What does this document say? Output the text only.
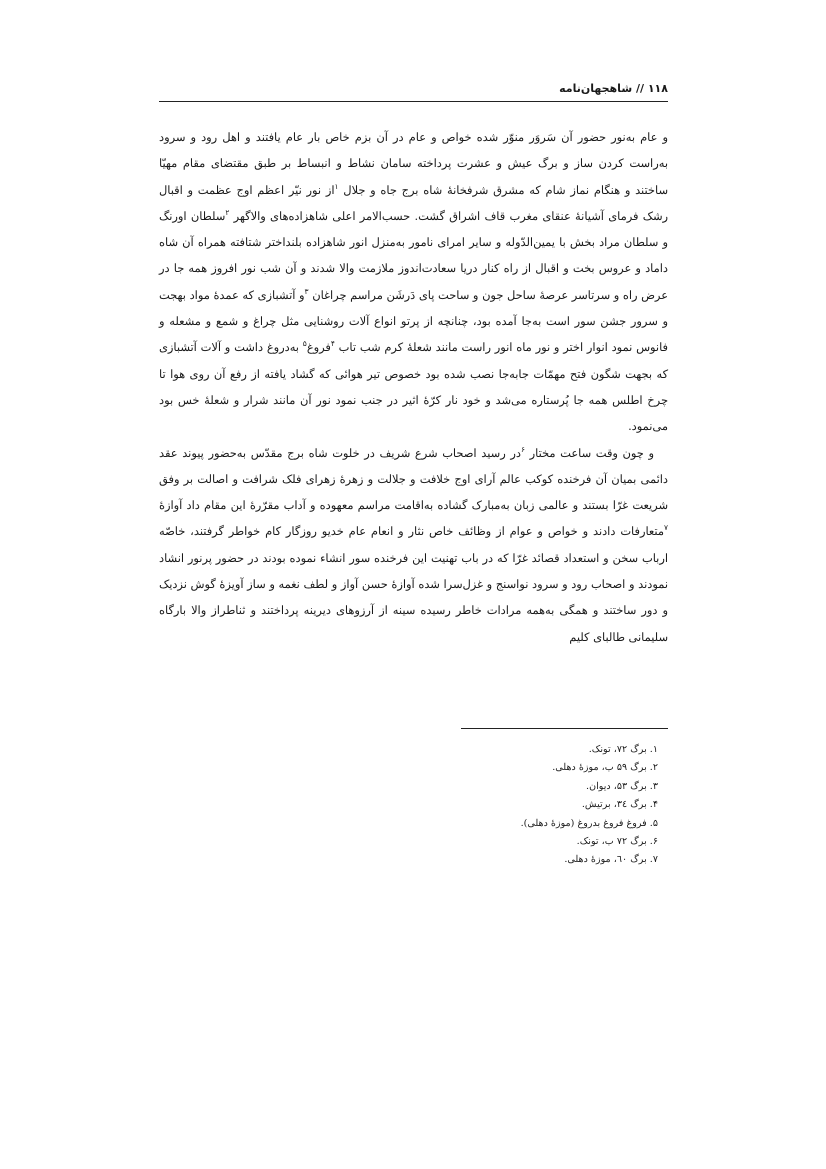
۱۱۸ // شاهجهان‌نامه

و عام به‌نور حضور آن سَروَر منوّر شده خواص و عام در آن بزم خاص بار عام یافتند و اهل رود و سرود به‌راست کردن ساز و برگ عیش و عشرت پرداخته سامان نشاط و انبساط بر طبق مقتضای مقام مهیّا ساختند و هنگام نماز شام که مشرق شرفخانهٔ شاه برج جاه و جلال $^۱$از نور نیّر اعظم اوج عظمت و اقبال رشک فرمای آشیانهٔ عنقای مغرب قاف اشراق گشت. حسب‌الامر اعلی شاهزاده‌های والاگهر $^۲$سلطان اورنگ و سلطان مراد بخش با یمین‌الدّوله و سایر امرای نامور به‌منزل انور شاهزاده بلنداختر شتافته همراه آن شاه داماد و عروس بخت و اقبال از راه کنار دریا سعادت‌اندوز ملازمت والا شدند و آن شب نور افروز همه جا در عرض راه و سرتاسر عرصهٔ ساحل جون و ساحت پای دَرشَن مراسم چراغان $^۳$و آتشبازی که عمدهٔ مواد بهجت و سرور جشن سور است به‌جا آمده بود، چنانچه از پرتو انواع آلات روشنایی مثل چراغ و شمع و مشعله و فانوس نمود انوار اختر و نور ماه انور راست مانند شعلهٔ کرم شب تاب $^۴$فروغ$^۵$ به‌دروغ داشت و آلات آتشبازی که بجهت شگون فتح مهمّات جابه‌جا نصب شده بود خصوص تیر هوائی که گشاد یافته از رفع آن روی هوا تا چرخ اطلس همه جا پُرستاره می‌شد و خود نار کرّهٔ اثیر در جنب نمود نور آن مانند شرار و شعلهٔ خس بود می‌نمود.

و چون وقت ساعت مختار $^۶$در رسید اصحاب شرع شریف در خلوت شاه برج مقدّس به‌حضور پیوند عقد دائمی بمیان آن فرخنده کوکب عالم آرای اوج خلافت و جلالت و زهرهٔ زهرای فلک شرافت و اصالت بر وفق شریعت غرّا بستند و عالمی زبان به‌مبارک گشاده به‌اقامت مراسم معهوده و آداب مقرّرهٔ این مقام داد آوازهٔ $^۷$متعارفات دادند و خواص و عوام از وظائف خاص نثار و انعام عام خدیو روزگار کام خواطر گرفتند، خاصّه ارباب سخن و استعداد قصائد غرّا که در باب تهنیت این فرخنده سور انشاء نموده بودند در حضور پرنور انشاد نمودند و اصحاب رود و سرود نواسنج و غزل‌سرا شده آوازهٔ حسن آواز و لطف نغمه و ساز آویزهٔ گوش نزدیک و دور ساختند و همگی به‌همه مرادات خاطر رسیده سینه از آرزوهای دیرینه پرداختند و ثناطراز والا بارگاه سلیمانی طالبای کلیم

۱. برگ ۷۲، تونک.
۲. برگ ۵۹ ب، موزهٔ دهلی.
۳. برگ ۵۳، دیوان.
۴. برگ ۳٤، برتیش.
۵. فروغ فروغ بدروغ (موزهٔ دهلی).
۶. برگ ۷۲ ب، تونک.
۷. برگ ٦۰، موزهٔ دهلی.
